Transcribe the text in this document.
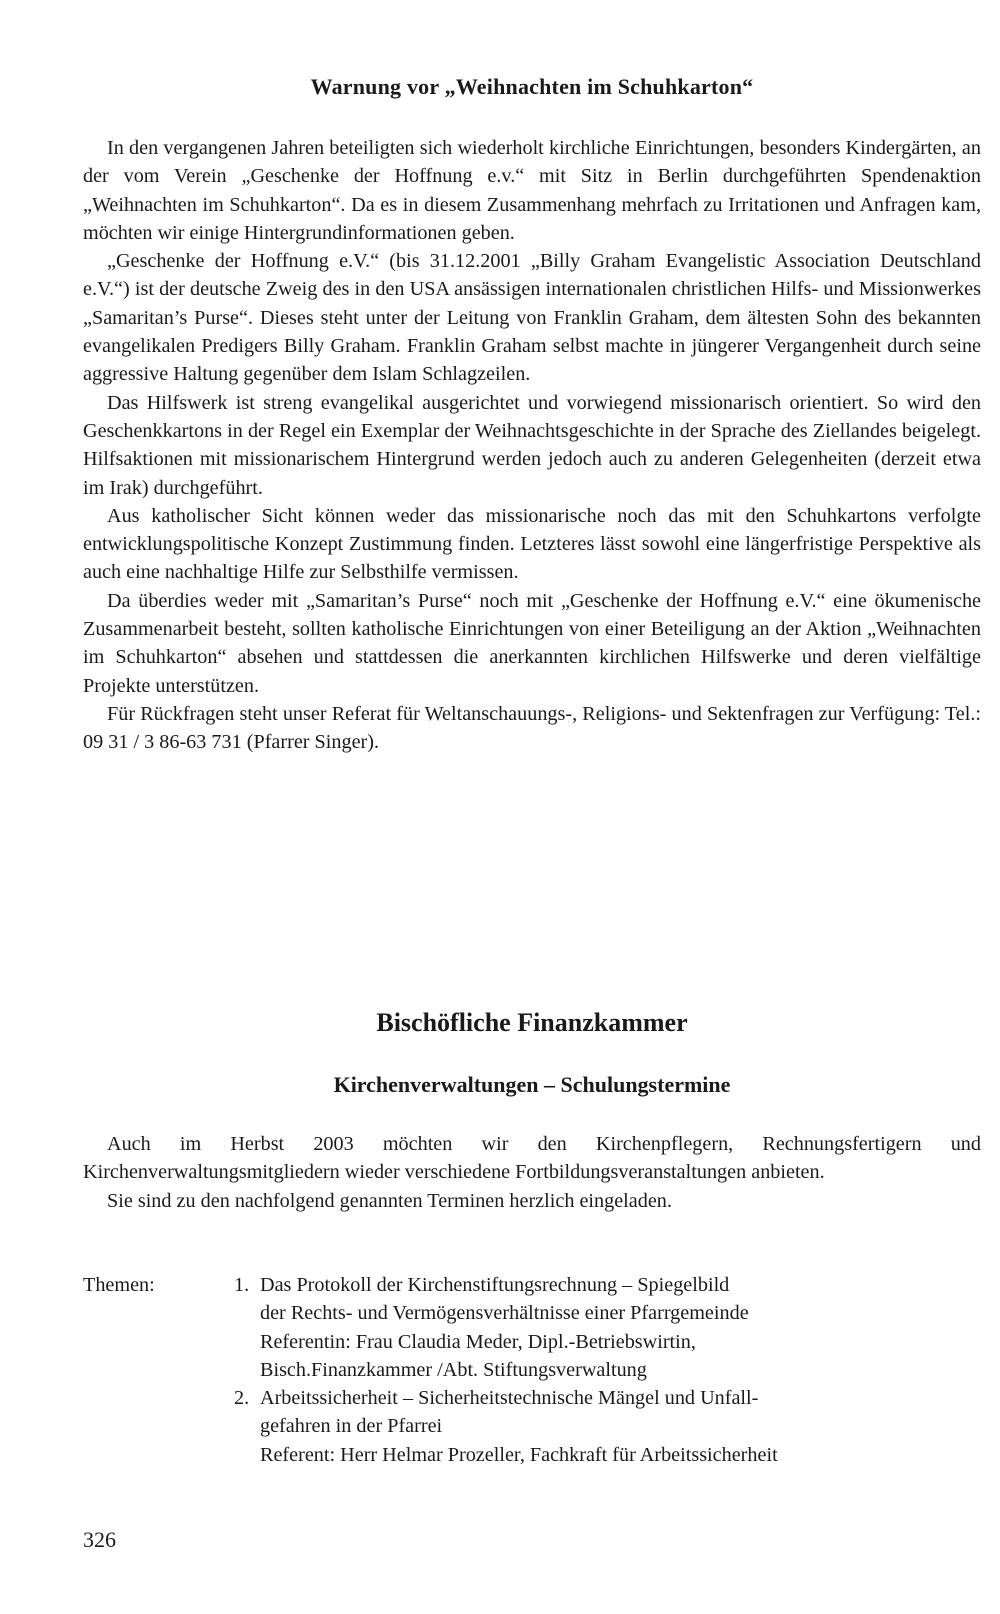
Warnung vor „Weihnachten im Schuhkarton“

In den vergangenen Jahren beteiligten sich wiederholt kirchliche Einrichtungen, besonders Kindergärten, an der vom Verein „Geschenke der Hoffnung e.v.“ mit Sitz in Berlin durchgeführten Spendenaktion „Weihnachten im Schuhkarton“. Da es in diesem Zusammenhang mehrfach zu Irritationen und Anfragen kam, möchten wir einige Hintergrundinformationen geben.

„Geschenke der Hoffnung e.V.“ (bis 31.12.2001 „Billy Graham Evangelistic Association Deutschland e.V.“) ist der deutsche Zweig des in den USA ansässigen internationalen christlichen Hilfs- und Missionwerkes „Samaritan’s Purse“. Dieses steht unter der Leitung von Franklin Graham, dem ältesten Sohn des bekannten evangelikalen Predigers Billy Graham. Franklin Graham selbst machte in jüngerer Vergangenheit durch seine aggressive Haltung gegenüber dem Islam Schlagzeilen.

Das Hilfswerk ist streng evangelikal ausgerichtet und vorwiegend missionarisch orientiert. So wird den Geschenkkartons in der Regel ein Exemplar der Weihnachtsgeschichte in der Sprache des Ziellandes beigelegt. Hilfsaktionen mit missionarischem Hintergrund werden jedoch auch zu anderen Gelegenheiten (derzeit etwa im Irak) durchgeführt.

Aus katholischer Sicht können weder das missionarische noch das mit den Schuhkartons verfolgte entwicklungspolitische Konzept Zustimmung finden. Letzteres lässt sowohl eine längerfristige Perspektive als auch eine nachhaltige Hilfe zur Selbsthilfe vermissen.

Da überdies weder mit „Samaritan’s Purse“ noch mit „Geschenke der Hoffnung e.V.“ eine ökumenische Zusammenarbeit besteht, sollten katholische Einrichtungen von einer Beteiligung an der Aktion „Weihnachten im Schuhkarton“ absehen und stattdessen die anerkannten kirchlichen Hilfswerke und deren vielfältige Projekte unterstützen.

Für Rückfragen steht unser Referat für Weltanschauungs-, Religions- und Sektenfragen zur Verfügung: Tel.: 09 31 / 3 86-63 731 (Pfarrer Singer).

Bischöfliche Finanzkammer
Kirchenverwaltungen – Schulungstermine

Auch im Herbst 2003 möchten wir den Kirchenpflegern, Rechnungsfertigern und Kirchenverwaltungsmitgliedern wieder verschiedene Fortbildungsveranstaltungen anbieten.

Sie sind zu den nachfolgend genannten Terminen herzlich eingeladen.

Themen:	1. Das Protokoll der Kirchenstiftungsrechnung – Spiegelbild
der Rechts- und Vermögensverhältnisse einer Pfarrgemeinde
Referentin: Frau Claudia Meder, Dipl.-Betriebswirtin,
Bisch.Finanzkammer /Abt. Stiftungsverwaltung
2. Arbeitssicherheit – Sicherheitstechnische Mängel und Unfall-
gefahren in der Pfarrei
Referent: Herr Helmar Prozeller, Fachkraft für Arbeitssicherheit
326
